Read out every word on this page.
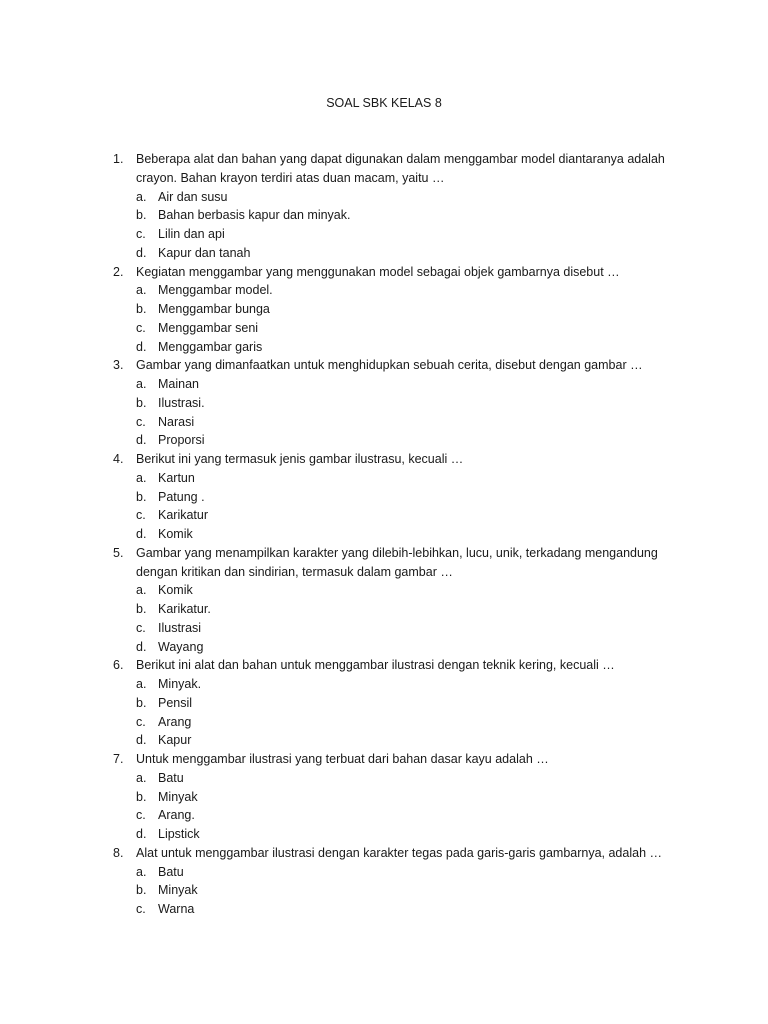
SOAL SBK KELAS 8
1. Beberapa alat dan bahan yang dapat digunakan dalam menggambar model diantaranya adalah crayon. Bahan krayon terdiri atas duan macam, yaitu …
a. Air dan susu
b. Bahan berbasis kapur dan minyak.
c. Lilin dan api
d. Kapur dan tanah
2. Kegiatan menggambar yang menggunakan model sebagai objek gambarnya disebut …
a. Menggambar model.
b. Menggambar bunga
c. Menggambar seni
d. Menggambar garis
3. Gambar yang dimanfaatkan untuk menghidupkan sebuah cerita, disebut dengan gambar …
a. Mainan
b. Ilustrasi.
c. Narasi
d. Proporsi
4. Berikut ini yang termasuk jenis gambar ilustrasu, kecuali …
a. Kartun
b. Patung .
c. Karikatur
d. Komik
5. Gambar yang menampilkan karakter yang dilebih-lebihkan, lucu, unik, terkadang mengandung dengan kritikan dan sindirian, termasuk dalam gambar …
a. Komik
b. Karikatur.
c. Ilustrasi
d. Wayang
6. Berikut ini alat dan bahan untuk menggambar ilustrasi dengan teknik kering, kecuali …
a. Minyak.
b. Pensil
c. Arang
d. Kapur
7. Untuk menggambar ilustrasi yang terbuat dari bahan dasar kayu adalah …
a. Batu
b. Minyak
c. Arang.
d. Lipstick
8. Alat untuk menggambar ilustrasi dengan karakter tegas pada garis-garis gambarnya, adalah …
a. Batu
b. Minyak
c. Warna
